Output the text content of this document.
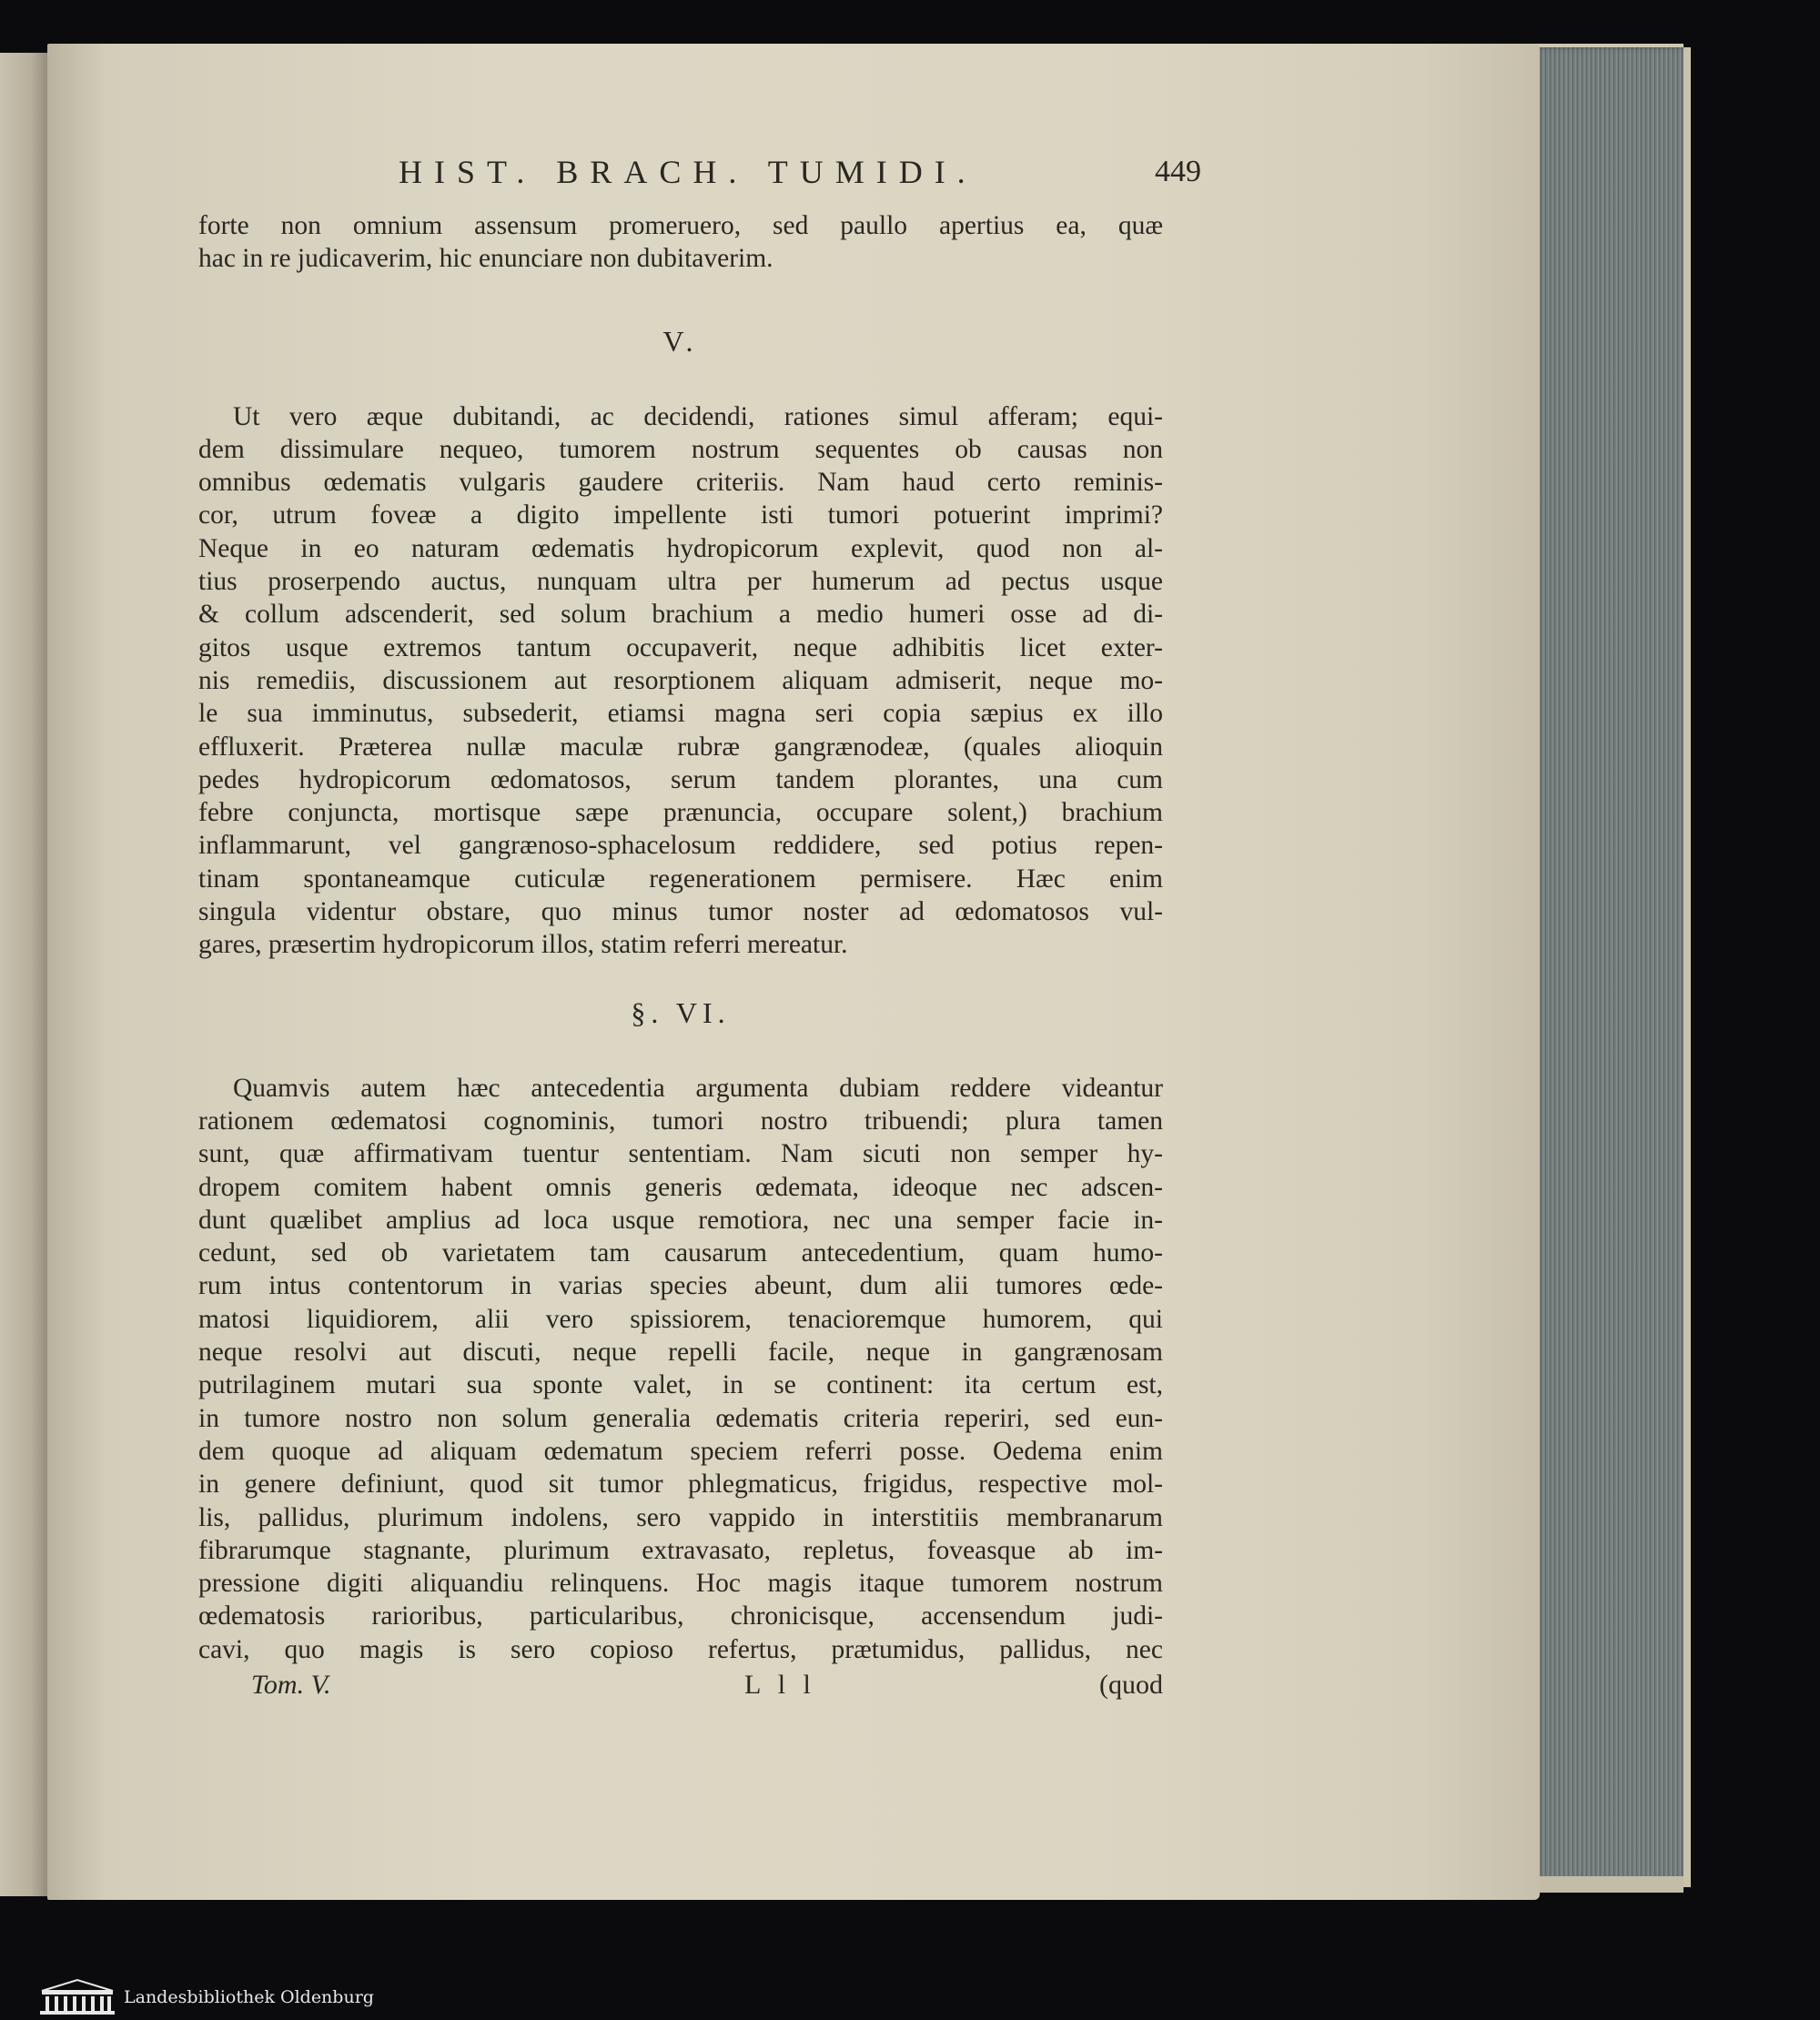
HIST. BRACH. TUMIDI.	449

forte non omnium assensum promeruero, sed paullo apertius ea, quæ
hac in re judicaverim, hic enunciare non dubitaverim.

V.

Ut vero æque dubitandi, ac decidendi, rationes simul afferam; equi-
dem dissimulare nequeo, tumorem nostrum sequentes ob causas non
omnibus œdematis vulgaris gaudere criteriis. Nam haud certo reminis-
cor, utrum foveæ a digito impellente isti tumori potuerint imprimi?
Neque in eo naturam œdematis hydropicorum explevit, quod non al-
tius proserpendo auctus, nunquam ultra per humerum ad pectus usque
& collum adscenderit, sed solum brachium a medio humeri osse ad di-
gitos usque extremos tantum occupaverit, neque adhibitis licet exter-
nis remediis, discussionem aut resorptionem aliquam admiserit, neque mo-
le sua imminutus, subsederit, etiamsi magna seri copia sæpius ex illo
effluxerit. Præterea nullæ maculæ rubræ gangrænodeæ, (quales alioquin
pedes hydropicorum œdomatosos, serum tandem plorantes, una cum
febre conjuncta, mortisque sæpe prænuncia, occupare solent,) brachium
inflammarunt, vel gangrænoso-sphacelosum reddidere, sed potius repen-
tinam spontaneamque cuticulæ regenerationem permisere. Hæc enim
singula videntur obstare, quo minus tumor noster ad œdomatosos vul-
gares, præsertim hydropicorum illos, statim referri mereatur.

§. VI.

Quamvis autem hæc antecedentia argumenta dubiam reddere videantur
rationem œdematosi cognominis, tumori nostro tribuendi; plura tamen
sunt, quæ affirmativam tuentur sententiam. Nam sicuti non semper hy-
dropem comitem habent omnis generis œdemata, ideoque nec adscen-
dunt quælibet amplius ad loca usque remotiora, nec una semper facie in-
cedunt, sed ob varietatem tam causarum antecedentium, quam humo-
rum intus contentorum in varias species abeunt, dum alii tumores œde-
matosi liquidiorem, alii vero spissiorem, tenacioremque humorem, qui
neque resolvi aut discuti, neque repelli facile, neque in gangrænosam
putrilaginem mutari sua sponte valet, in se continent: ita certum est,
in tumore nostro non solum generalia œdematis criteria reperiri, sed eun-
dem quoque ad aliquam œdematum speciem referri posse. Oedema enim
in genere definiunt, quod sit tumor phlegmaticus, frigidus, respective mol-
lis, pallidus, plurimum indolens, sero vappido in interstitiis membranarum
fibrarumque stagnante, plurimum extravasato, repletus, foveasque ab im-
pressione digiti aliquandiu relinquens. Hoc magis itaque tumorem nostrum
œdematosis rarioribus, particularibus, chronicisque, accensendum judi-
cavi, quo magis is sero copioso refertus, prætumidus, pallidus, nec

Tom. V.	L l l	(quod
Landesbibliothek Oldenburg
